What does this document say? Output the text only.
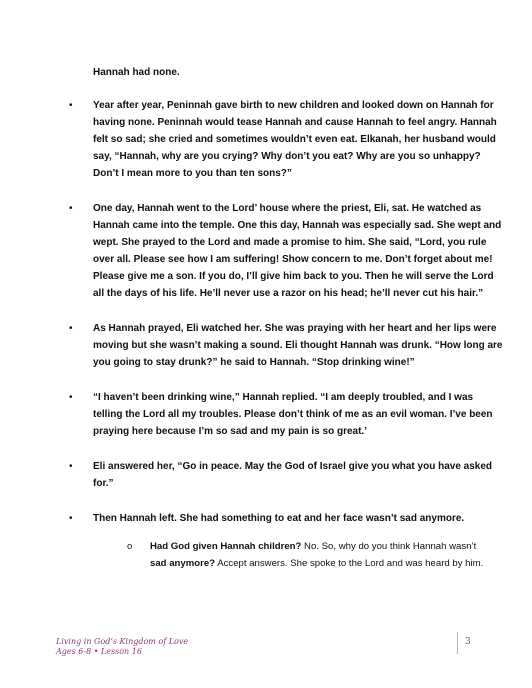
Hannah had none.
• Year after year, Peninnah gave birth to new children and looked down on Hannah for having none. Peninnah would tease Hannah and cause Hannah to feel angry. Hannah felt so sad; she cried and sometimes wouldn’t even eat. Elkanah, her husband would say, “Hannah, why are you crying? Why don’t you eat? Why are you so unhappy? Don’t I mean more to you than ten sons?”
• One day, Hannah went to the Lord’ house where the priest, Eli, sat. He watched as Hannah came into the temple. One this day, Hannah was especially sad. She wept and wept. She prayed to the Lord and made a promise to him. She said, “Lord, you rule over all. Please see how I am suffering! Show concern to me. Don’t forget about me! Please give me a son. If you do, I’ll give him back to you. Then he will serve the Lord all the days of his life. He’ll never use a razor on his head; he’ll never cut his hair.”
• As Hannah prayed, Eli watched her. She was praying with her heart and her lips were moving but she wasn’t making a sound. Eli thought Hannah was drunk. “How long are you going to stay drunk?” he said to Hannah. “Stop drinking wine!”
• “I haven’t been drinking wine,” Hannah replied. “I am deeply troubled, and I was telling the Lord all my troubles. Please don’t think of me as an evil woman. I’ve been praying here because I’m so sad and my pain is so great.’
• Eli answered her, “Go in peace. May the God of Israel give you what you have asked for.”
• Then Hannah left. She had something to eat and her face wasn’t sad anymore.
o Had God given Hannah children? No. So, why do you think Hannah wasn’t sad anymore? Accept answers. She spoke to the Lord and was heard by him.
Living in God’s Kingdom of Love
Ages 6-8 • Lesson 16
3
